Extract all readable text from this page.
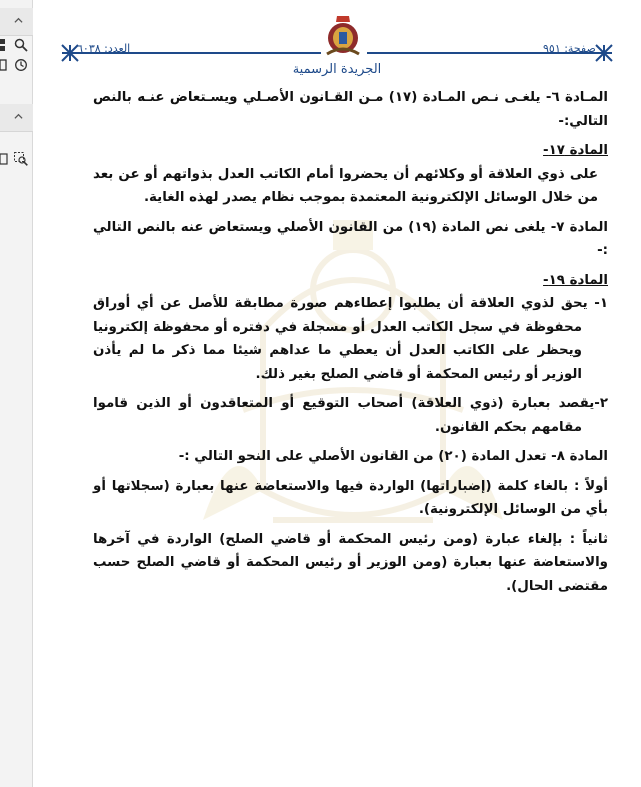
العدد: ٦٠٣٨	صفحة: ٩٥١
الجريدة الرسمية
المـادة ٦- يلغـى نـص المـادة (١٧) مـن القـانون الأصـلي ويسـتعاض عنـه بالنص التالي:-
المادة ١٧-
على ذوي العلاقة أو وكلائهم أن يحضروا أمام الكاتب العدل بذواتهم أو عن بعد من خلال الوسائل الإلكترونية المعتمدة بموجب نظام يصدر لهذه الغاية.
المادة ٧- يلغى نص المادة (١٩) من القانون الأصلي ويستعاض عنه بالنص التالي :-
المادة ١٩-
١- يحق لذوي العلاقة أن يطلبوا إعطاءهم صورة مطابقة للأصل عن أي أوراق محفوظة في سجل الكاتب العدل أو مسجلة في دفتره أو محفوظة إلكترونيا ويحظر على الكاتب العدل أن يعطي ما عداهم شيئا مما ذكر ما لم يأذن الوزير أو رئيس المحكمة أو قاضي الصلح بغير ذلك.
٢-يقصد بعبارة (ذوي العلاقة) أصحاب التوقيع أو المتعاقدون أو الذين قاموا مقامهم بحكم القانون.
المادة ٨- تعدل المادة (٢٠) من القانون الأصلي على النحو التالي :-
أولاً : بالغاء كلمة (إضباراتها) الواردة فيها والاستعاضة عنها بعبارة (سجلاتها أو بأي من الوسائل الإلكترونية).
ثانياً : بإلغاء عبارة (ومن رئيس المحكمة أو قاضي الصلح) الواردة في آخرها والاستعاضة عنها بعبارة (ومن الوزير أو رئيس المحكمة أو قاضي الصلح حسب مقتضى الحال).
